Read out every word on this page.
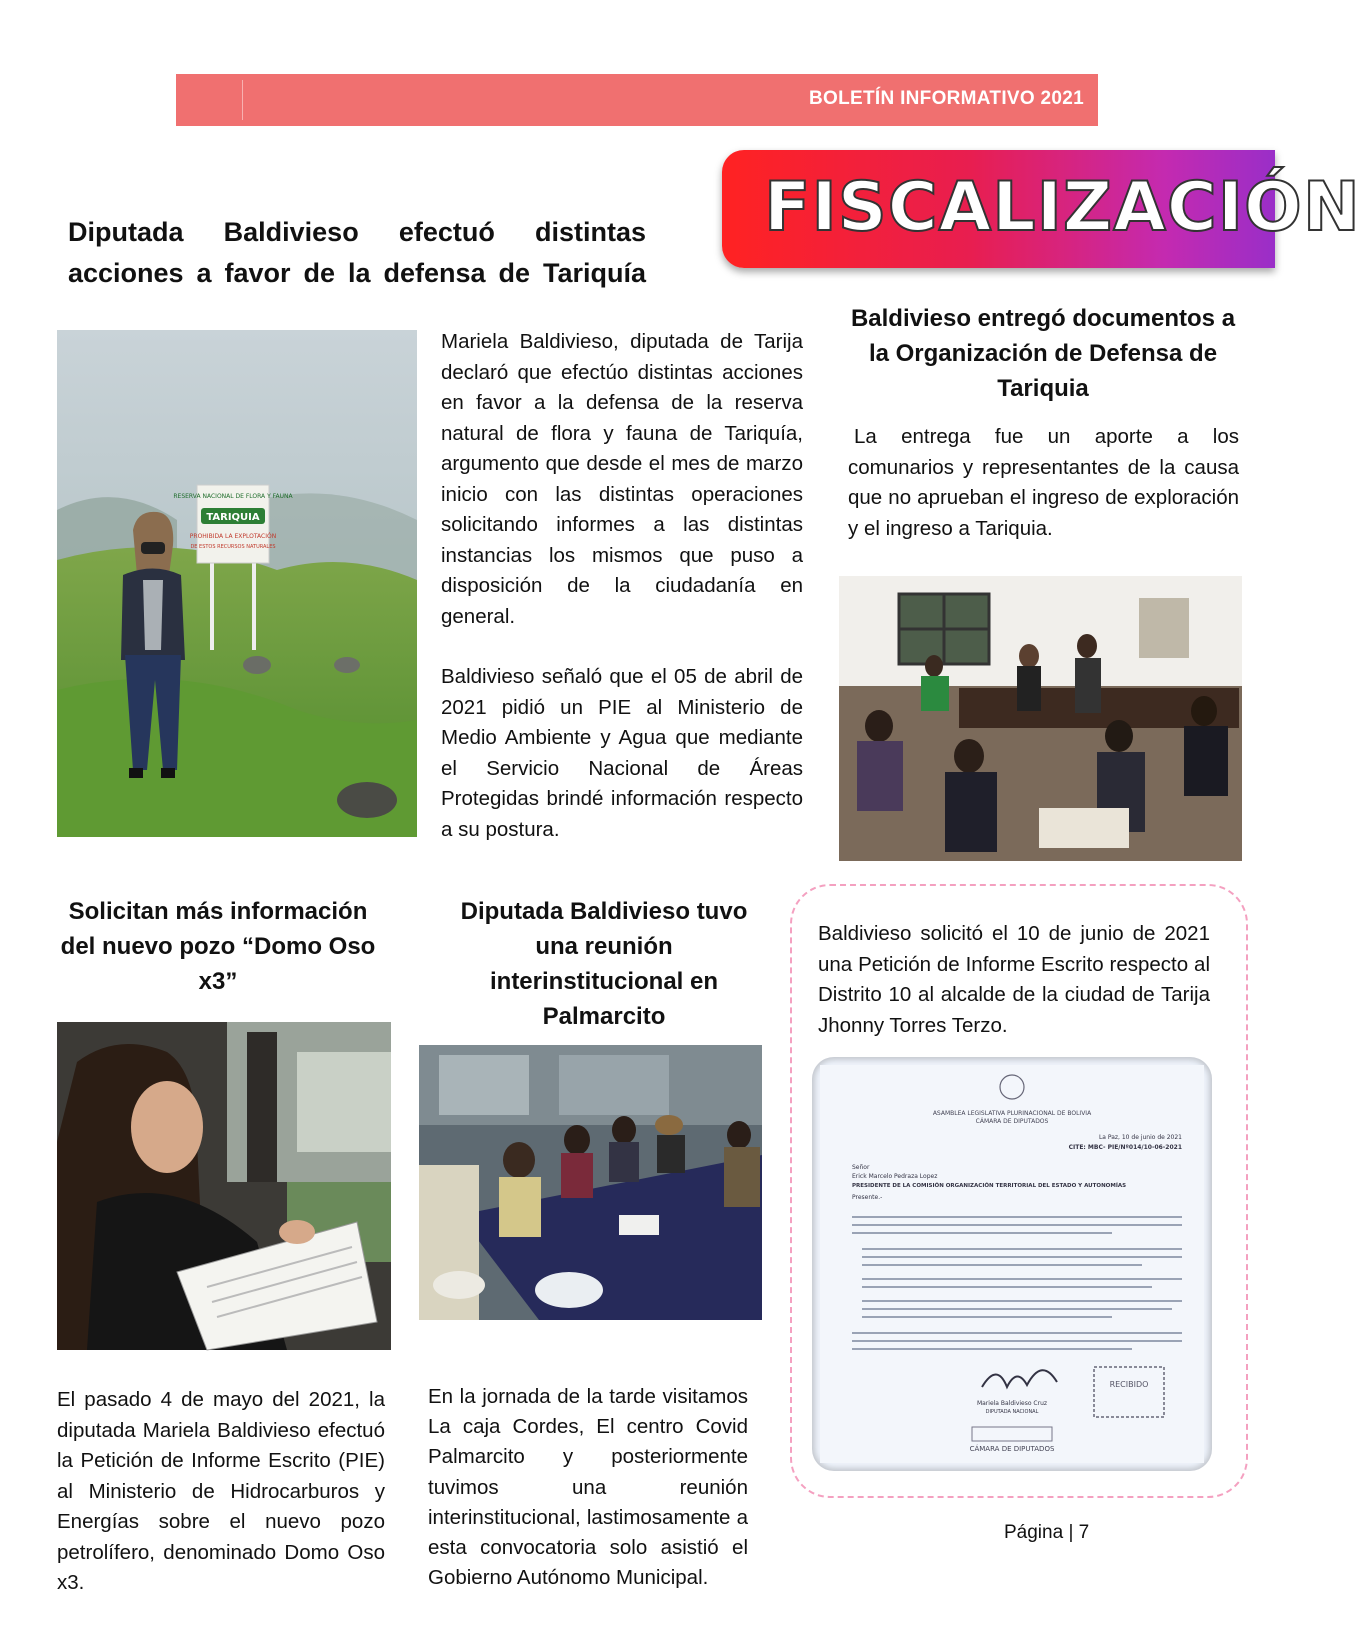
BOLETÍN INFORMATIVO 2021
FISCALIZACIÓN
Diputada Baldivieso efectuó distintas
acciones a favor de la defensa de Tariquía
RESERVA NACIONAL DE FLORA Y FAUNA
TARIQUIA
PROHIBIDA LA EXPLOTACIÓN
DE ESTOS RECURSOS NATURALES

Mariela Baldivieso, diputada de Tarija declaró que efectúo distintas acciones en favor a la defensa de la reserva natural de flora y fauna de Tariquía, argumento que desde el mes de marzo inicio con las distintas operaciones solicitando informes a las distintas instancias los mismos que puso a disposición de la ciudadanía en general.

Baldivieso señaló que el 05 de abril de 2021 pidió un PIE al Ministerio de Medio Ambiente y Agua que mediante el Servicio Nacional de Áreas Protegidas brindé información respecto a su postura.

Baldivieso entregó documentos a la Organización de Defensa de Tariquia
La entrega fue un aporte a los comunarios y representantes de la causa que no aprueban el ingreso de exploración y el ingreso a Tariquia.
Solicitan más información del nuevo pozo “Domo Oso x3”
El pasado 4 de mayo del 2021, la diputada Mariela Baldivieso efectuó la Petición de Informe Escrito (PIE) al Ministerio de Hidrocarburos y Energías sobre el nuevo pozo petrolífero, denominado Domo Oso x3.
Diputada Baldivieso tuvo una reunión interinstitucional en Palmarcito
En la jornada de la tarde visitamos La caja Cordes, El centro Covid Palmarcito y posteriormente tuvimos una reunión interinstitucional, lastimosamente a esta convocatoria solo asistió el Gobierno Autónomo Municipal.
Baldivieso solicitó el 10 de junio de 2021 una Petición de Informe Escrito respecto al Distrito 10 al alcalde de la ciudad de Tarija Jhonny Torres Terzo.
ASAMBLEA LEGISLATIVA PLURINACIONAL DE BOLIVIA
CÁMARA DE DIPUTADOS
La Paz, 10 de junio de 2021
CITE: MBC- PIE/Nº014/10-06-2021
Señor
Erick Marcelo Pedraza Lopez
PRESIDENTE DE LA COMISIÓN ORGANIZACIÓN TERRITORIAL DEL ESTADO Y AUTONOMÍAS
Presente.-
Mariela Baldivieso Cruz
DIPUTADA NACIONAL
RECIBIDO
CÁMARA DE DIPUTADOS
Página | 7
